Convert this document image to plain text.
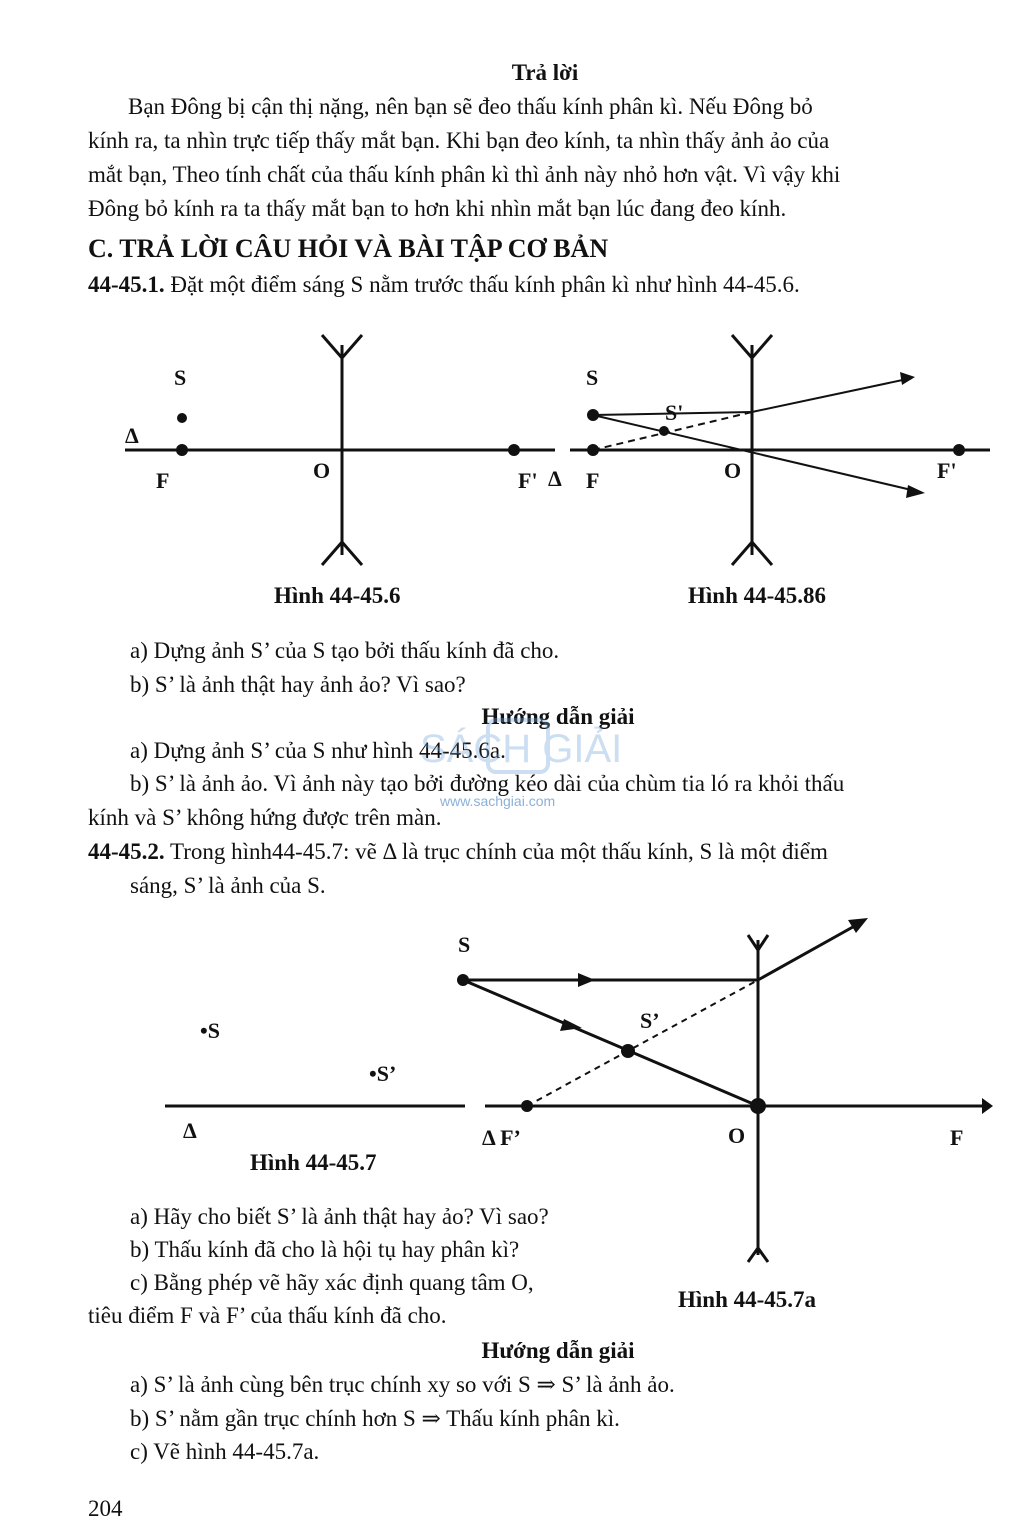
Trả lời
Bạn Đông bị cận thị nặng, nên bạn sẽ đeo thấu kính phân kì. Nếu Đông bỏ
kính ra, ta nhìn trực tiếp thấy mắt bạn. Khi bạn đeo kính, ta nhìn thấy ảnh ảo của
mắt bạn, Theo tính chất của thấu kính phân kì thì ảnh này nhỏ hơn vật. Vì vậy khi
Đông bỏ kính ra ta thấy mắt bạn to hơn khi nhìn mắt bạn lúc đang đeo kính.
C. TRẢ LỜI CÂU HỎI VÀ BÀI TẬP CƠ BẢN
44-45.1. Đặt một điểm sáng S nằm trước thấu kính phân kì như hình 44-45.6.
S
Δ
F	O	F' Δ
S
S'
F	O	F'
Hình 44-45.6	Hình 44-45.86
a) Dựng ảnh S’ của S tạo bởi thấu kính đã cho.
b) S’ là ảnh thật hay ảnh ảo? Vì sao?
Hướng dẫn giải
a) Dựng ảnh S’ của S như hình 44-45.6a.
b) S’ là ảnh ảo. Vì ảnh này tạo bởi đường kéo dài của chùm tia ló ra khỏi thấu
kính và S’ không hứng được trên màn.
SÁCH GIẢI
www.sachgiai.com
44-45.2. Trong hình44-45.7: vẽ Δ là trục chính của một thấu kính, S là một điểm
sáng, S’ là ảnh của S.
•S
•S’
Δ
S
S’
Δ F’	O	F
Hình 44-45.7
Hình 44-45.7a
a) Hãy cho biết S’ là ảnh thật hay ảo? Vì sao?
b) Thấu kính đã cho là hội tụ hay phân kì?
c) Bằng phép vẽ hãy xác định quang tâm O,
tiêu điểm F và F’ của thấu kính đã cho.
Hướng dẫn giải
a) S’ là ảnh cùng bên trục chính xy so với S ⇒ S’ là ảnh ảo.
b) S’ nằm gần trục chính hơn S ⇒ Thấu kính phân kì.
c) Vẽ hình 44-45.7a.
204
